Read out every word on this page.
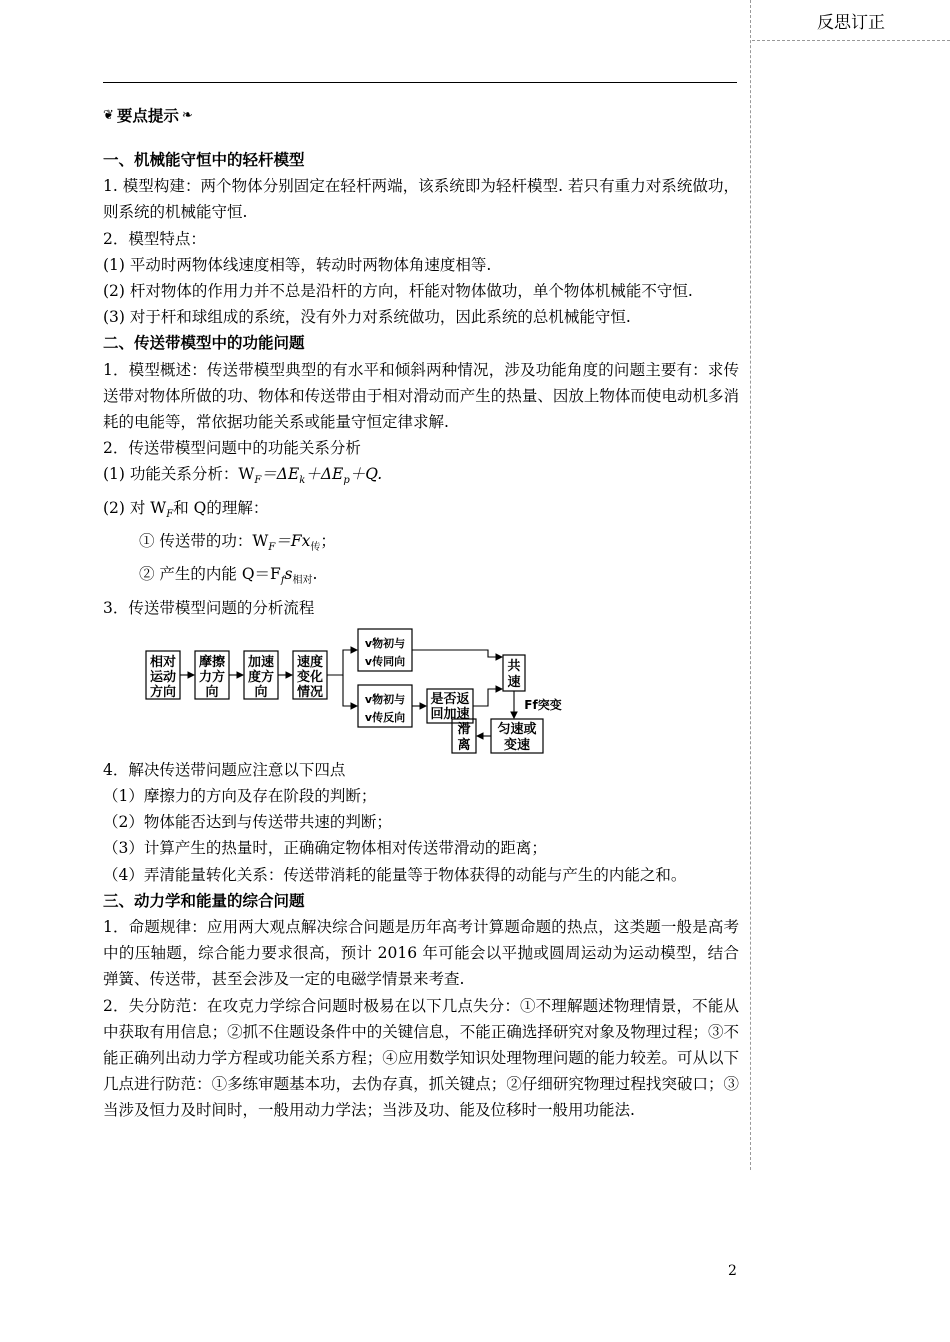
反思订正

❦ 要点提示 ❧

一、机械能守恒中的轻杆模型

1. 模型构建：两个物体分别固定在轻杆两端，该系统即为轻杆模型. 若只有重力对系统做功，则系统的机械能守恒.

2．模型特点：

(1) 平动时两物体线速度相等，转动时两物体角速度相等.

(2) 杆对物体的作用力并不总是沿杆的方向，杆能对物体做功，单个物体机械能不守恒.

(3) 对于杆和球组成的系统，没有外力对系统做功，因此系统的总机械能守恒.

二、传送带模型中的功能问题

1．模型概述：传送带模型典型的有水平和倾斜两种情况，涉及功能角度的问题主要有：求传送带对物体所做的功、物体和传送带由于相对滑动而产生的热量、因放上物体而使电动机多消耗的电能等，常依据功能关系或能量守恒定律求解.

2．传送带模型问题中的功能关系分析

(1) 功能关系分析：$W_F=\Delta E_k+\Delta E_p+Q$.

(2) 对 $W_F$和 Q的理解：

① 传送带的功：$W_F=Fx_传$；

② 产生的内能 $Q=F_fs_{相对}$.

3．传送带模型问题的分析流程

相对
运动
方向
摩擦
力方
向
加速
度方
向
速度
变化
情况
v物初与
v传同向
v物初与
v传反向
是否返
回加速
共
速
匀速或
变速
滑
离
Ff突变

4．解决传送带问题应注意以下四点

（1）摩擦力的方向及存在阶段的判断；

（2）物体能否达到与传送带共速的判断；

（3）计算产生的热量时，正确确定物体相对传送带滑动的距离；

（4）弄清能量转化关系：传送带消耗的能量等于物体获得的动能与产生的内能之和。

三、动力学和能量的综合问题

1．命题规律：应用两大观点解决综合问题是历年高考计算题命题的热点，这类题一般是高考中的压轴题，综合能力要求很高，预计 2016 年可能会以平抛或圆周运动为运动模型，结合弹簧、传送带，甚至会涉及一定的电磁学情景来考查.

2．失分防范：在攻克力学综合问题时极易在以下几点失分：①不理解题述物理情景，不能从中获取有用信息；②抓不住题设条件中的关键信息，不能正确选择研究对象及物理过程；③不能正确列出动力学方程或功能关系方程；④应用数学知识处理物理问题的能力较差。可从以下几点进行防范：①多练审题基本功，去伪存真，抓关键点；②仔细研究物理过程找突破口；③当涉及恒力及时间时，一般用动力学法；当涉及功、能及位移时一般用功能法.

2
